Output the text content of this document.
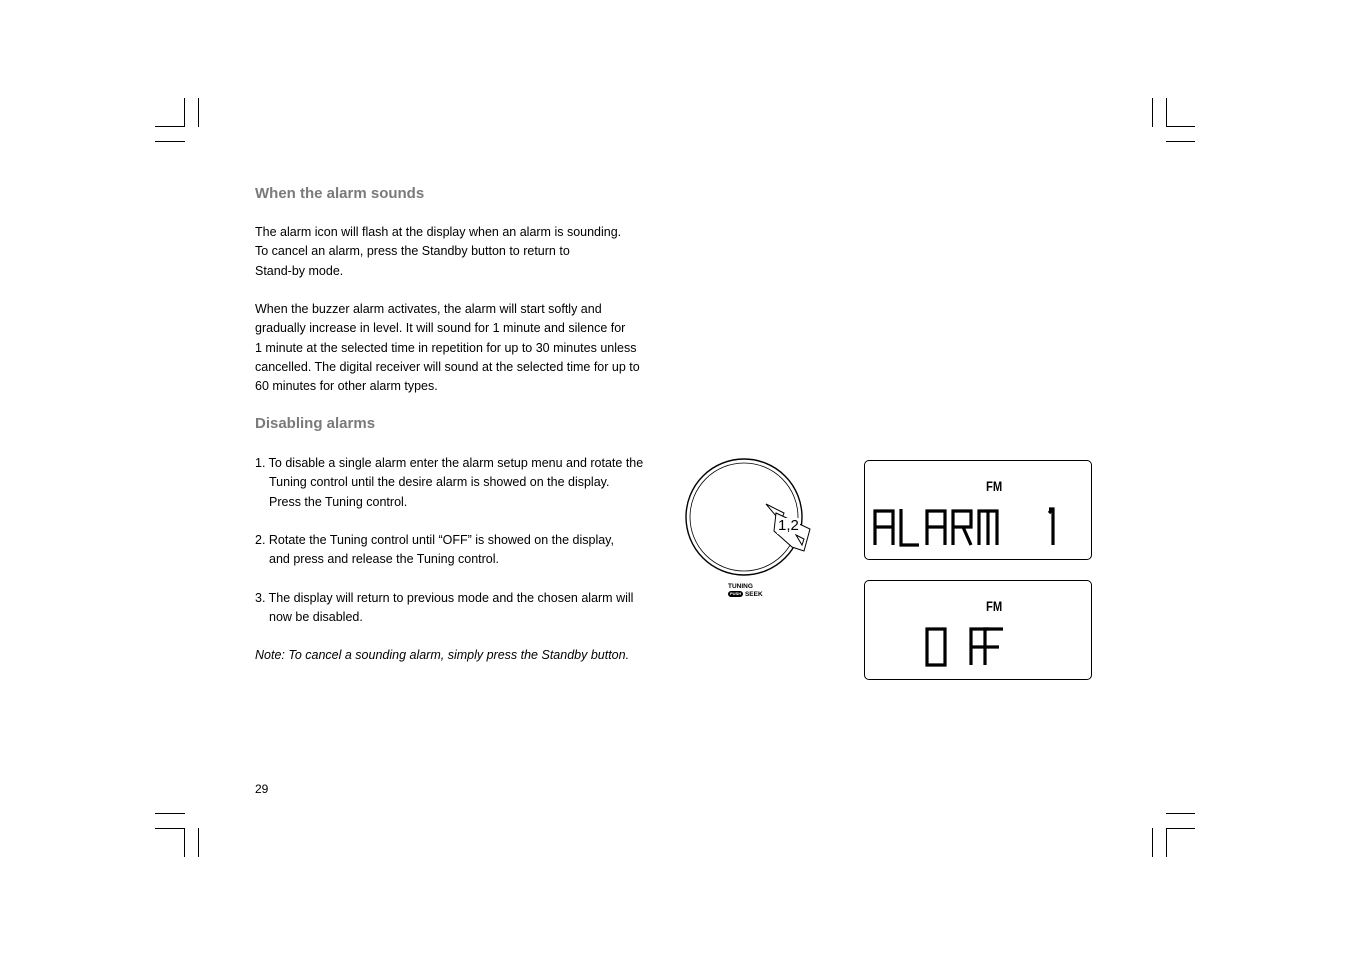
When the alarm sounds

The alarm icon will flash at the display when an alarm is sounding.
To cancel an alarm, press the Standby button to return to
Stand-by mode.

When the buzzer alarm activates, the alarm will start softly and
gradually increase in level. It will sound for 1 minute and silence for
1 minute at the selected time in repetition for up to 30 minutes unless
cancelled. The digital receiver will sound at the selected time for up to
60 minutes for other alarm types.

Disabling alarms

1. To disable a single alarm enter the alarm setup menu and rotate the
Tuning control until the desire alarm is showed on the display.
Press the Tuning control.

2. Rotate the Tuning control until “OFF” is showed on the display,
and press and release the Tuning control.

3. The display will return to previous mode and the chosen alarm will
now be disabled.

Note: To cancel a sounding alarm, simply press the Standby button.

29
1,2
TUNING
PUSH SEEK
FM
FM
